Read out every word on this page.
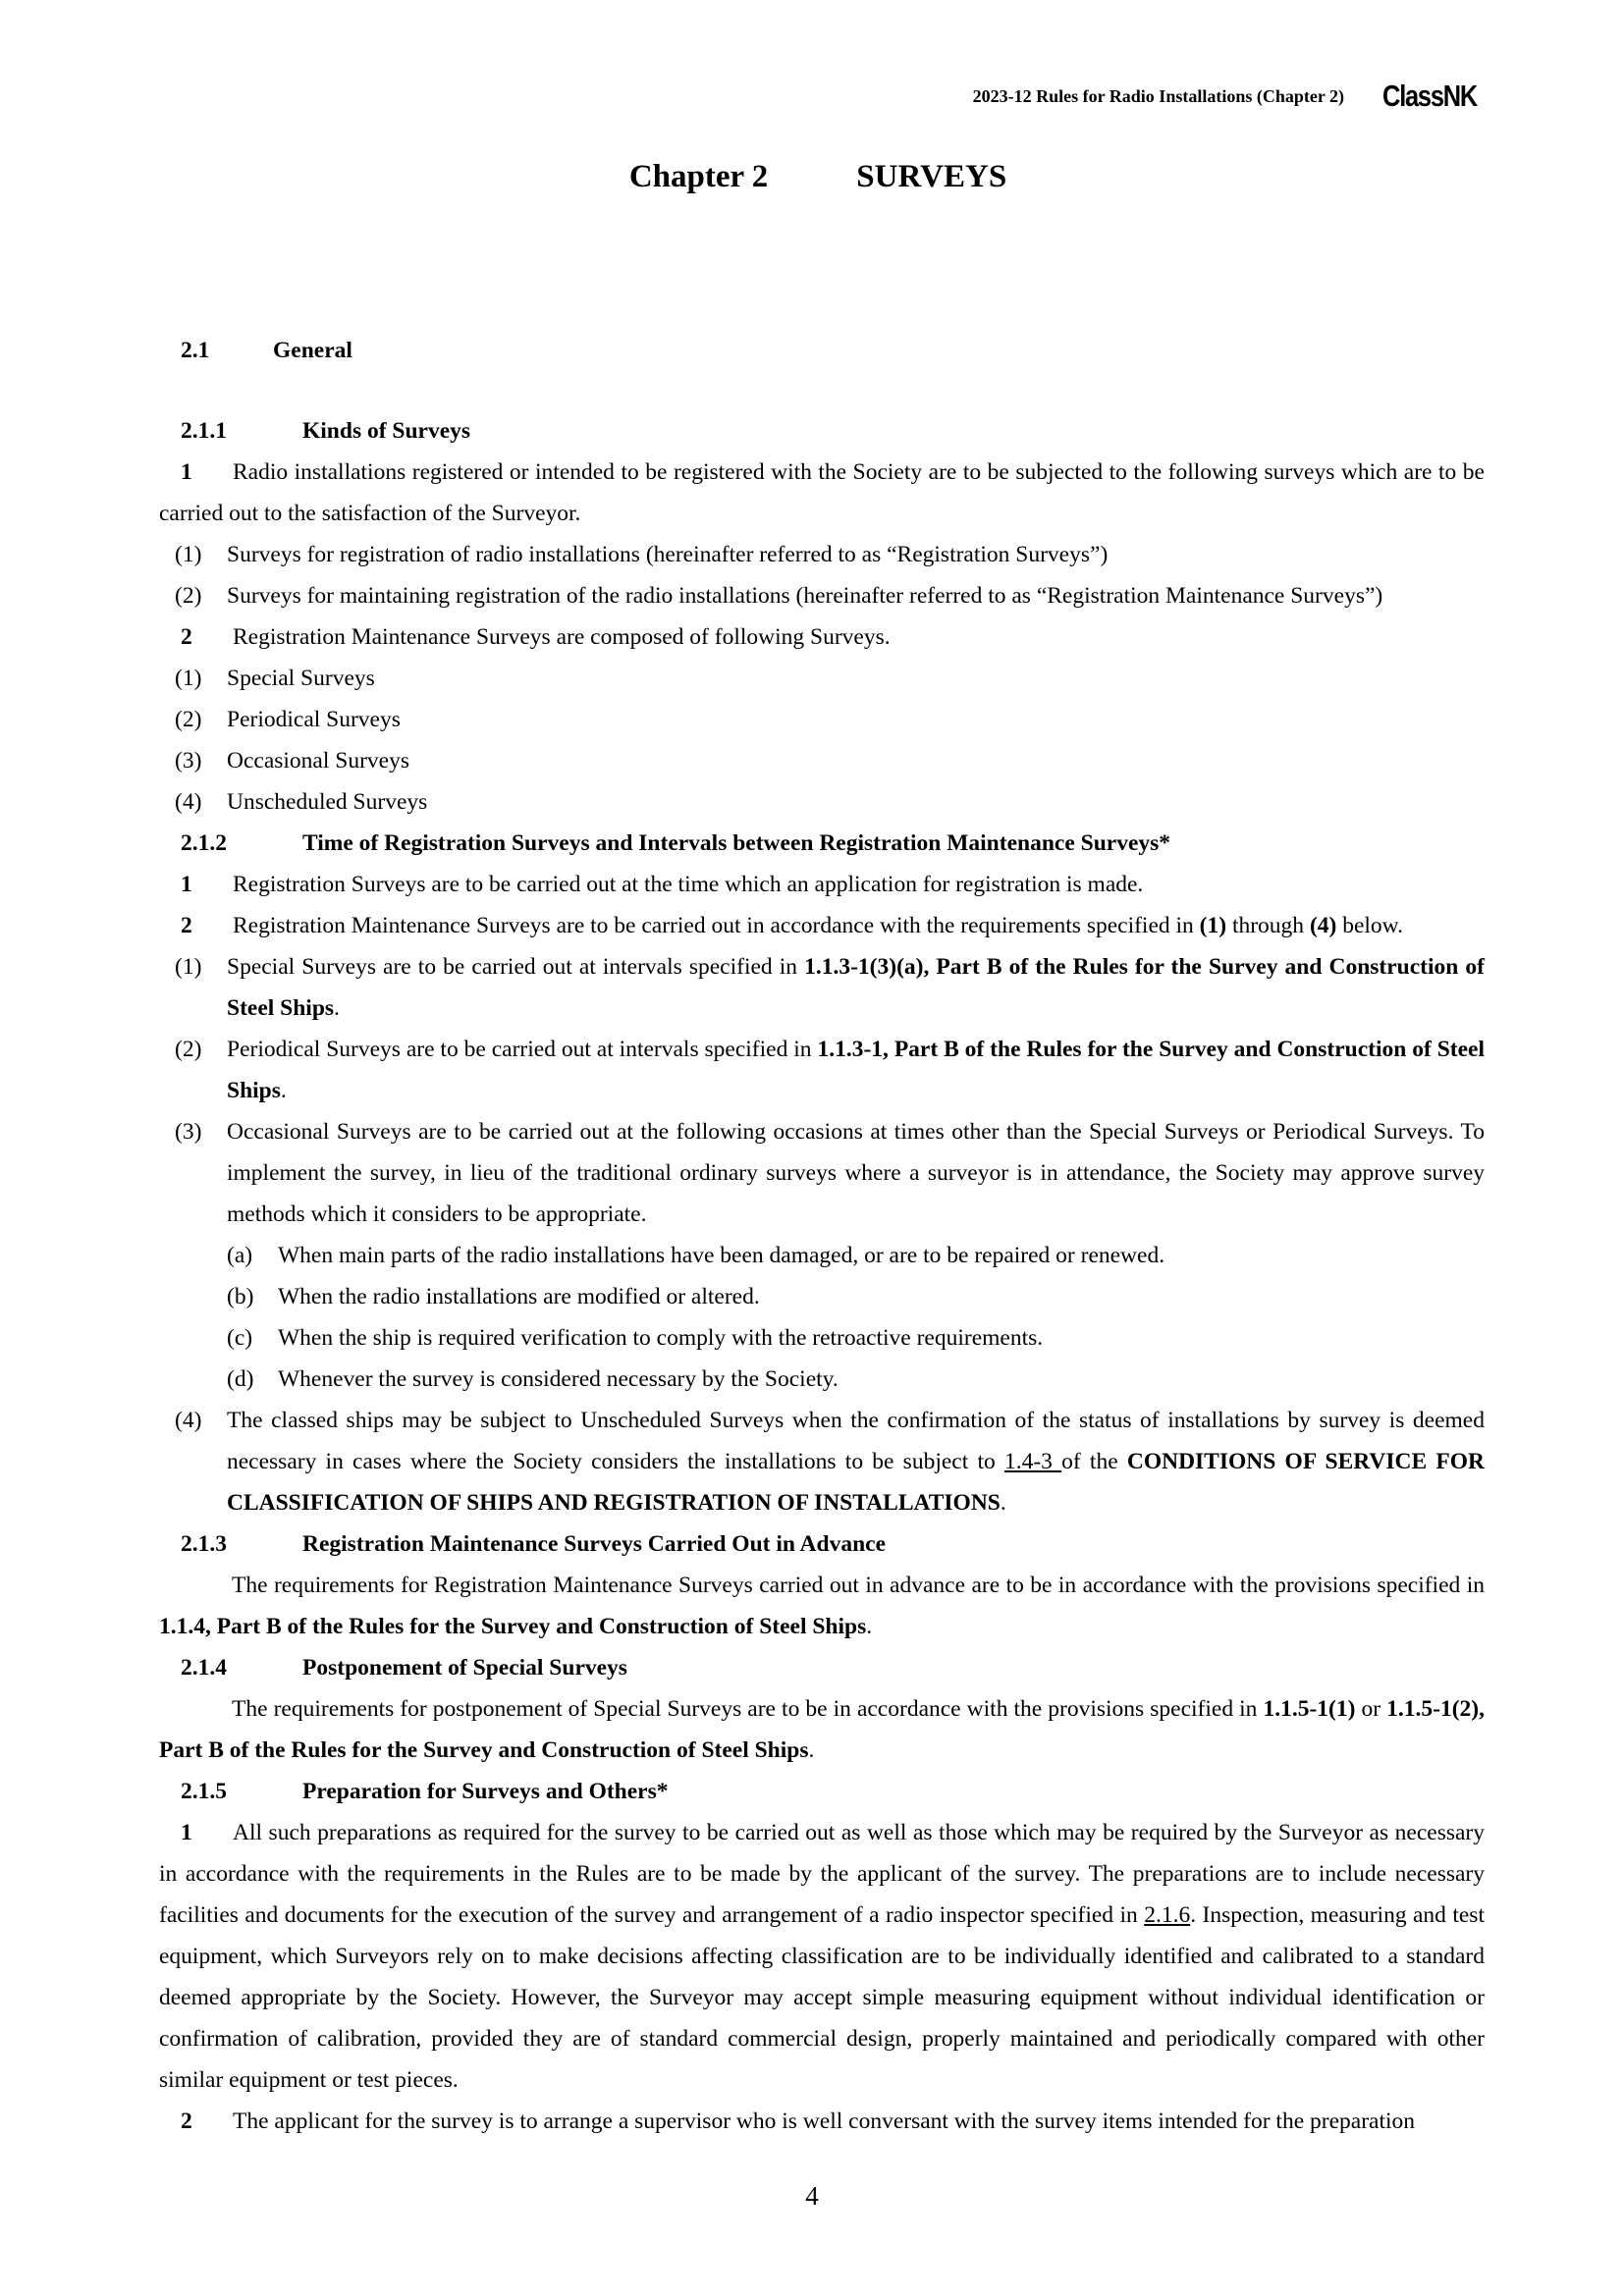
2023-12 Rules for Radio Installations (Chapter 2) ClassNK
Chapter 2	SURVEYS
2.1	General
2.1.1	Kinds of Surveys
1 Radio installations registered or intended to be registered with the Society are to be subjected to the following surveys which are to be carried out to the satisfaction of the Surveyor.
(1)	Surveys for registration of radio installations (hereinafter referred to as “Registration Surveys”)
(2)	Surveys for maintaining registration of the radio installations (hereinafter referred to as “Registration Maintenance Surveys”)
2 Registration Maintenance Surveys are composed of following Surveys.
(1)	Special Surveys
(2)	Periodical Surveys
(3)	Occasional Surveys
(4)	Unscheduled Surveys
2.1.2	Time of Registration Surveys and Intervals between Registration Maintenance Surveys*
1 Registration Surveys are to be carried out at the time which an application for registration is made.
2 Registration Maintenance Surveys are to be carried out in accordance with the requirements specified in (1) through (4) below.
(1)	Special Surveys are to be carried out at intervals specified in 1.1.3-1(3)(a), Part B of the Rules for the Survey and Construction of Steel Ships.
(2)	Periodical Surveys are to be carried out at intervals specified in 1.1.3-1, Part B of the Rules for the Survey and Construction of Steel Ships.
(3)	Occasional Surveys are to be carried out at the following occasions at times other than the Special Surveys or Periodical Surveys. To implement the survey, in lieu of the traditional ordinary surveys where a surveyor is in attendance, the Society may approve survey methods which it considers to be appropriate.
(a)	When main parts of the radio installations have been damaged, or are to be repaired or renewed.
(b)	When the radio installations are modified or altered.
(c)	When the ship is required verification to comply with the retroactive requirements.
(d)	Whenever the survey is considered necessary by the Society.
(4)	The classed ships may be subject to Unscheduled Surveys when the confirmation of the status of installations by survey is deemed necessary in cases where the Society considers the installations to be subject to 1.4-3 of the CONDITIONS OF SERVICE FOR CLASSIFICATION OF SHIPS AND REGISTRATION OF INSTALLATIONS.
2.1.3	Registration Maintenance Surveys Carried Out in Advance
The requirements for Registration Maintenance Surveys carried out in advance are to be in accordance with the provisions specified in 1.1.4, Part B of the Rules for the Survey and Construction of Steel Ships.
2.1.4	Postponement of Special Surveys
The requirements for postponement of Special Surveys are to be in accordance with the provisions specified in 1.1.5-1(1) or 1.1.5-1(2), Part B of the Rules for the Survey and Construction of Steel Ships.
2.1.5	Preparation for Surveys and Others*
1 All such preparations as required for the survey to be carried out as well as those which may be required by the Surveyor as necessary in accordance with the requirements in the Rules are to be made by the applicant of the survey. The preparations are to include necessary facilities and documents for the execution of the survey and arrangement of a radio inspector specified in 2.1.6. Inspection, measuring and test equipment, which Surveyors rely on to make decisions affecting classification are to be individually identified and calibrated to a standard deemed appropriate by the Society. However, the Surveyor may accept simple measuring equipment without individual identification or confirmation of calibration, provided they are of standard commercial design, properly maintained and periodically compared with other similar equipment or test pieces.
2 The applicant for the survey is to arrange a supervisor who is well conversant with the survey items intended for the preparation
4
